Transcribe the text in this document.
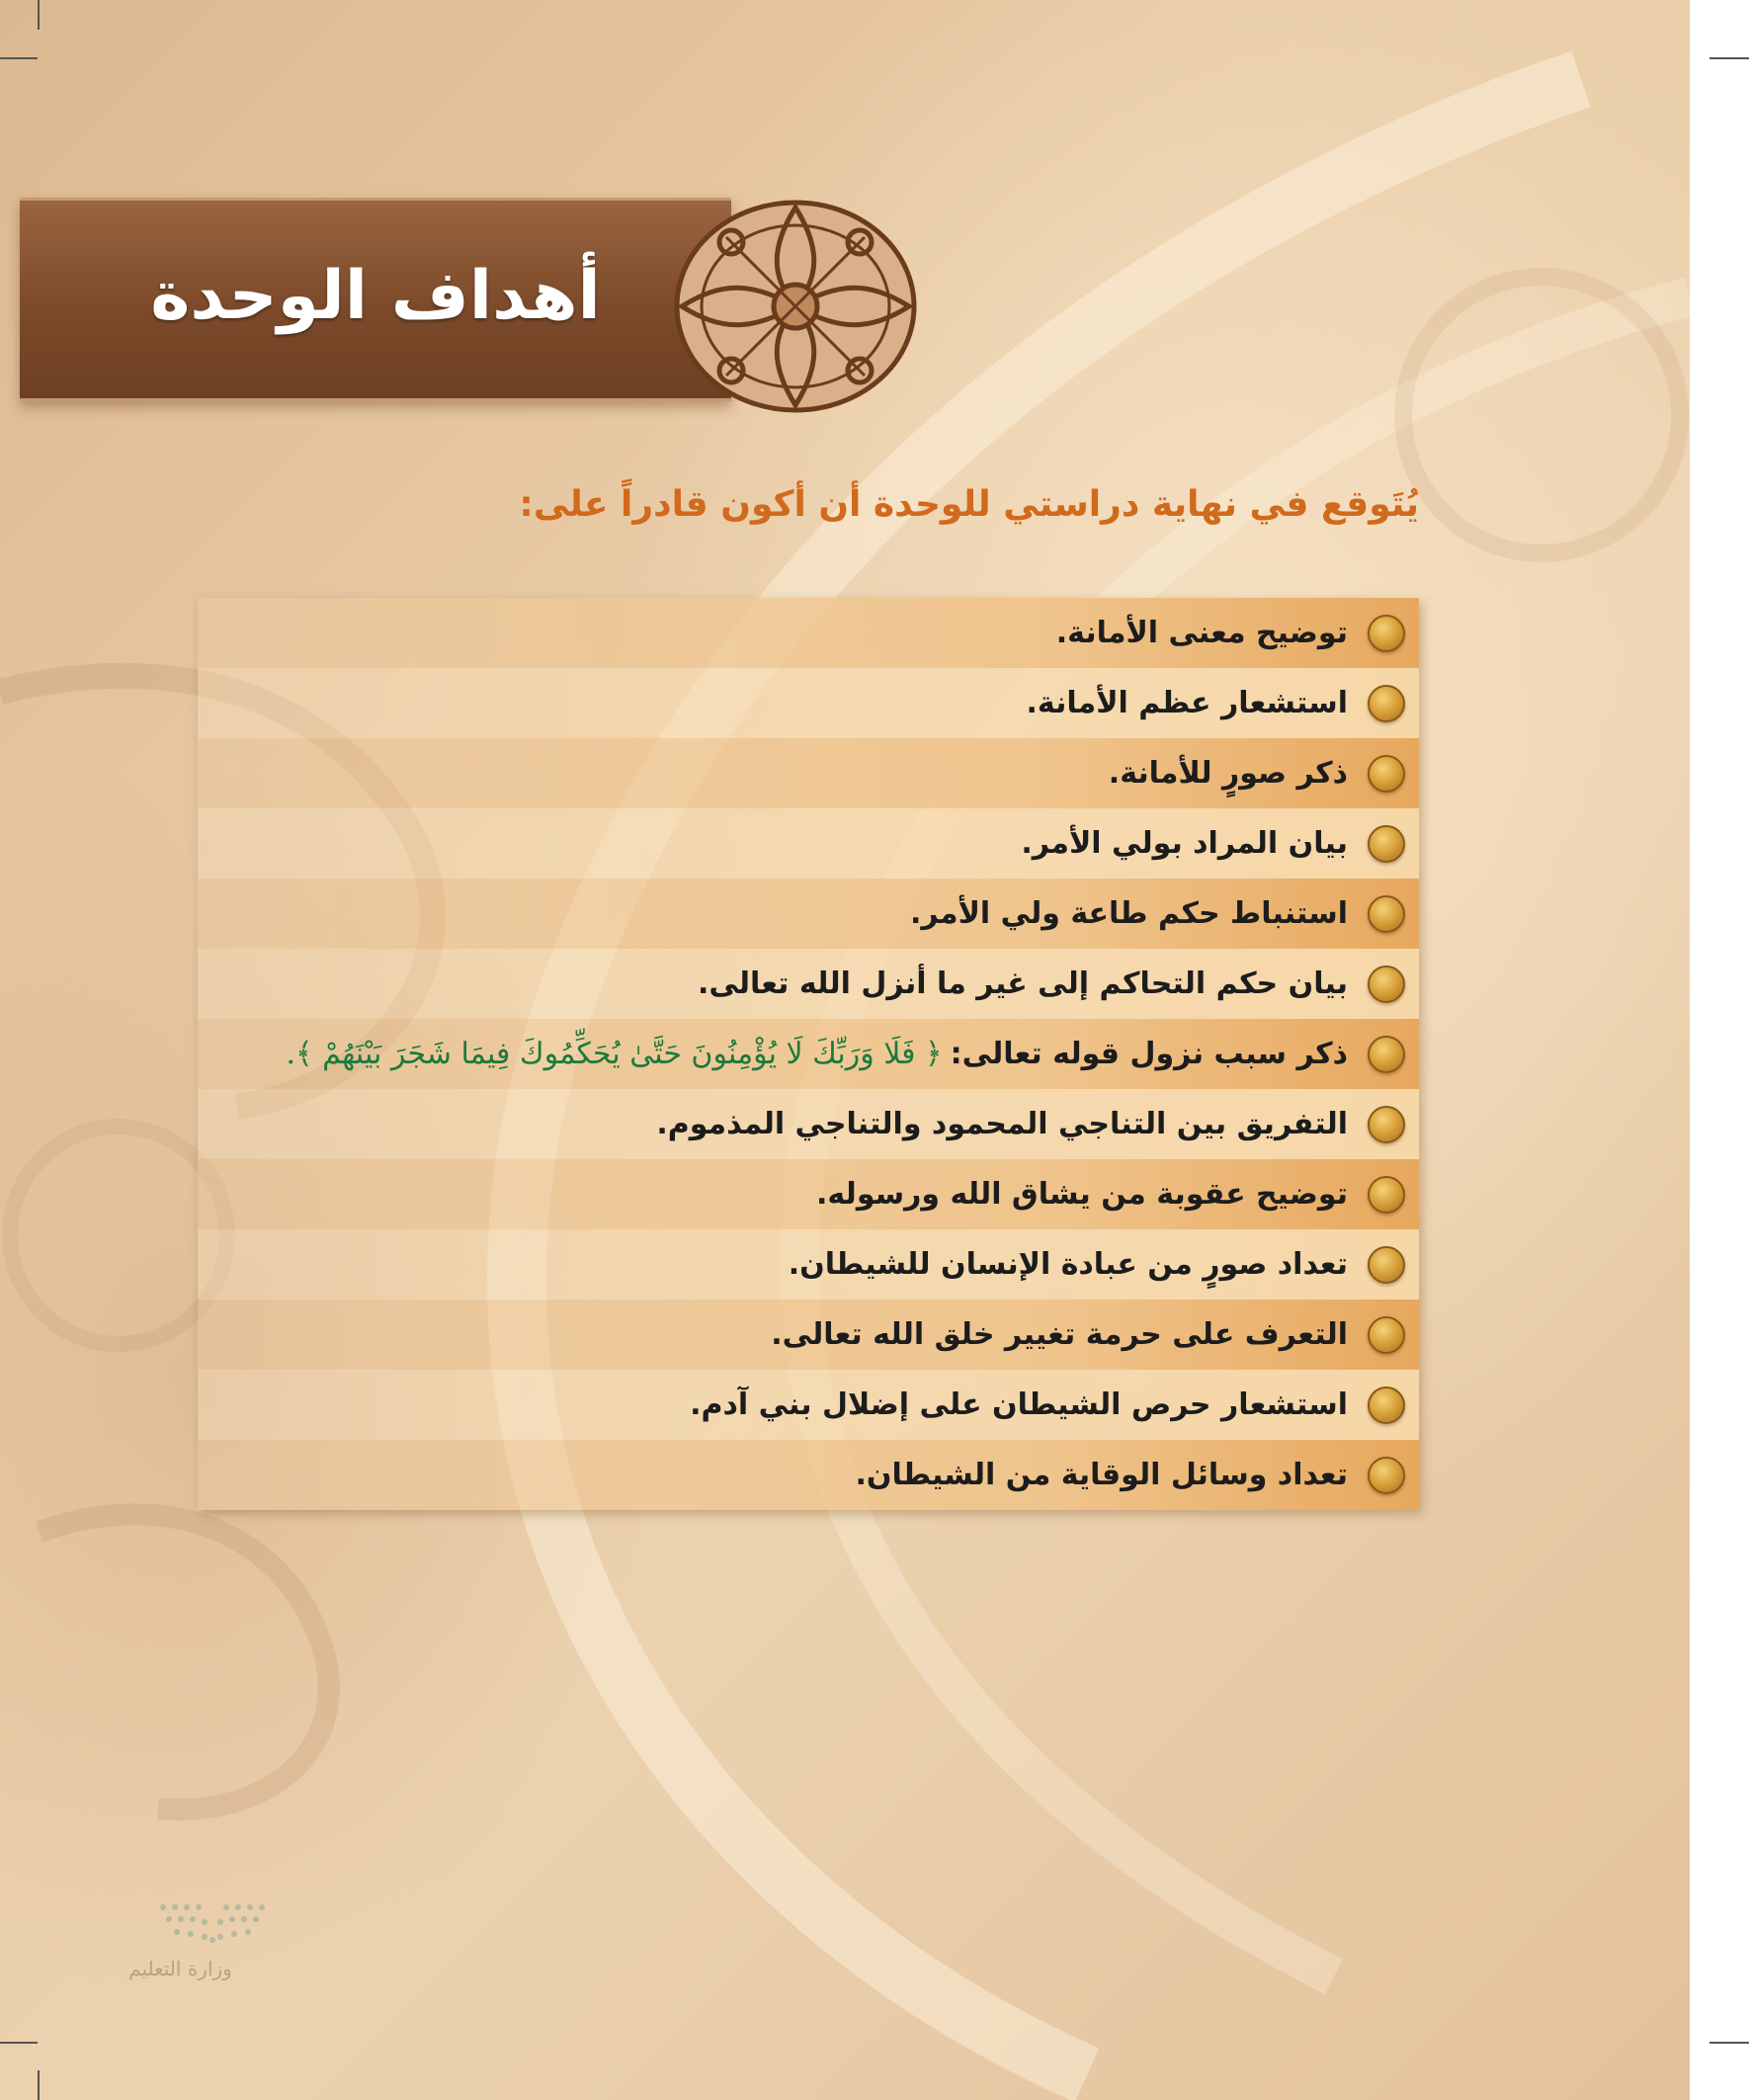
أهداف الوحدة
يُتَوقع في نهاية دراستي للوحدة أن أكون قادراً على:
توضيح معنى الأمانة.
استشعار عظم الأمانة.
ذكر صورٍ للأمانة.
بيان المراد بولي الأمر.
استنباط حكم طاعة ولي الأمر.
بيان حكم التحاكم إلى غير ما أنزل الله تعالى.
ذكر سبب نزول قوله تعالى:
﴿ فَلَا وَرَبِّكَ لَا يُؤْمِنُونَ حَتَّىٰ يُحَكِّمُوكَ فِيمَا شَجَرَ بَيْنَهُمْ ﴾.
التفريق بين التناجي المحمود والتناجي المذموم.
توضيح عقوبة من يشاق الله ورسوله.
تعداد صورٍ من عبادة الإنسان للشيطان.
التعرف على حرمة تغيير خلق الله تعالى.
استشعار حرص الشيطان على إضلال بني آدم.
تعداد وسائل الوقاية من الشيطان.
وزارة التعليم
